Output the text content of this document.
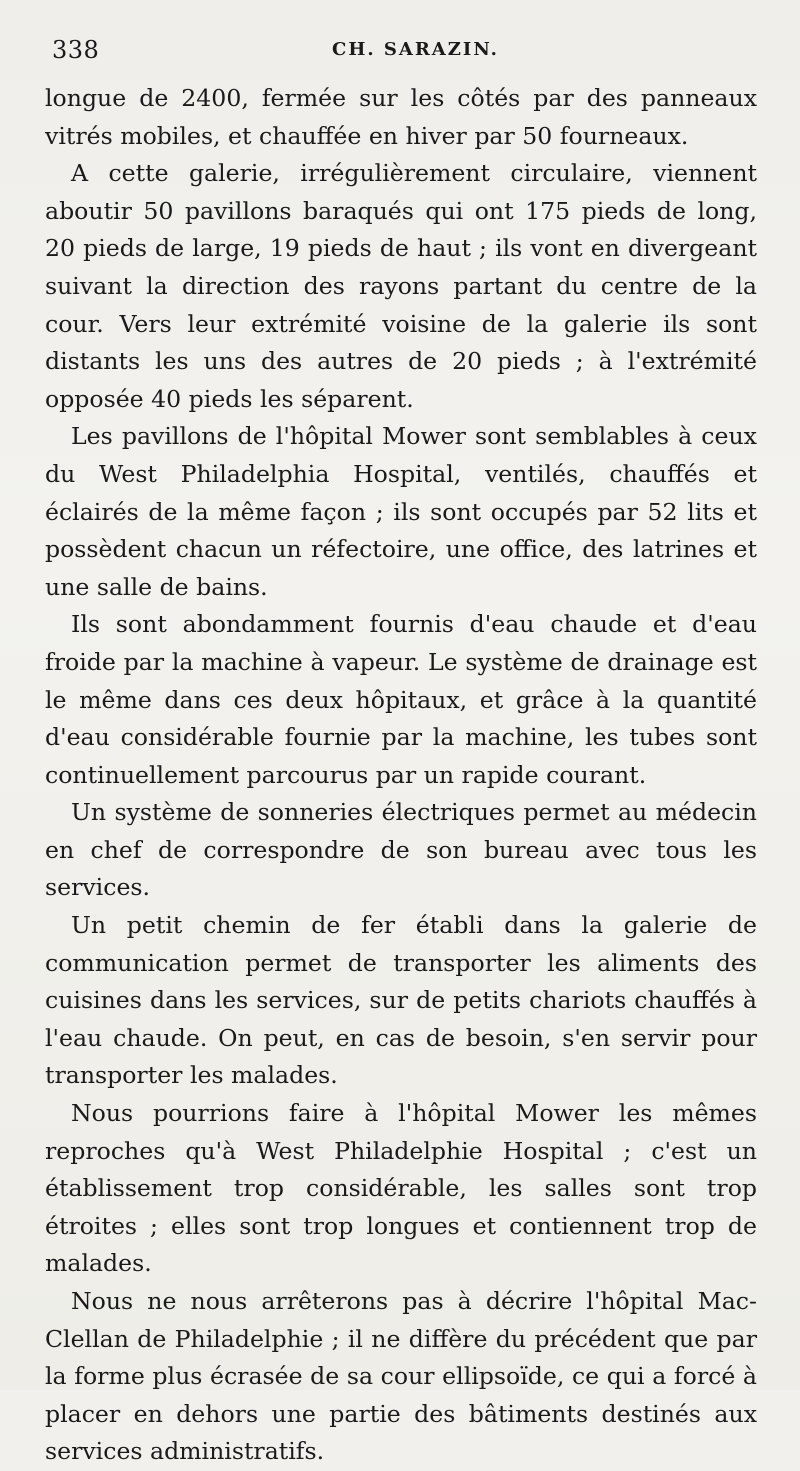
338	CH. SARAZIN.

longue de 2400, fermée sur les côtés par des panneaux vitrés mobiles, et chauffée en hiver par 50 fourneaux.

A cette galerie, irrégulièrement circulaire, viennent aboutir 50 pavillons baraqués qui ont 175 pieds de long, 20 pieds de large, 19 pieds de haut ; ils vont en divergeant suivant la direction des rayons partant du centre de la cour. Vers leur extrémité voisine de la galerie ils sont distants les uns des autres de 20 pieds ; à l'extrémité opposée 40 pieds les séparent.

Les pavillons de l'hôpital Mower sont semblables à ceux du West Philadelphia Hospital, ventilés, chauffés et éclairés de la même façon ; ils sont occupés par 52 lits et possèdent chacun un réfectoire, une office, des latrines et une salle de bains.

Ils sont abondamment fournis d'eau chaude et d'eau froide par la machine à vapeur. Le système de drainage est le même dans ces deux hôpitaux, et grâce à la quantité d'eau considérable fournie par la machine, les tubes sont continuellement parcourus par un rapide courant.

Un système de sonneries électriques permet au médecin en chef de correspondre de son bureau avec tous les services.

Un petit chemin de fer établi dans la galerie de communication permet de transporter les aliments des cuisines dans les services, sur de petits chariots chauffés à l'eau chaude. On peut, en cas de besoin, s'en servir pour transporter les malades.

Nous pourrions faire à l'hôpital Mower les mêmes reproches qu'à West Philadelphie Hospital ; c'est un établissement trop considérable, les salles sont trop étroites ; elles sont trop longues et contiennent trop de malades.

Nous ne nous arrêterons pas à décrire l'hôpital Mac-Clellan de Philadelphie ; il ne diffère du précédent que par la forme plus écrasée de sa cour ellipsoïde, ce qui a forcé à placer en dehors une partie des bâtiments destinés aux services administratifs.
